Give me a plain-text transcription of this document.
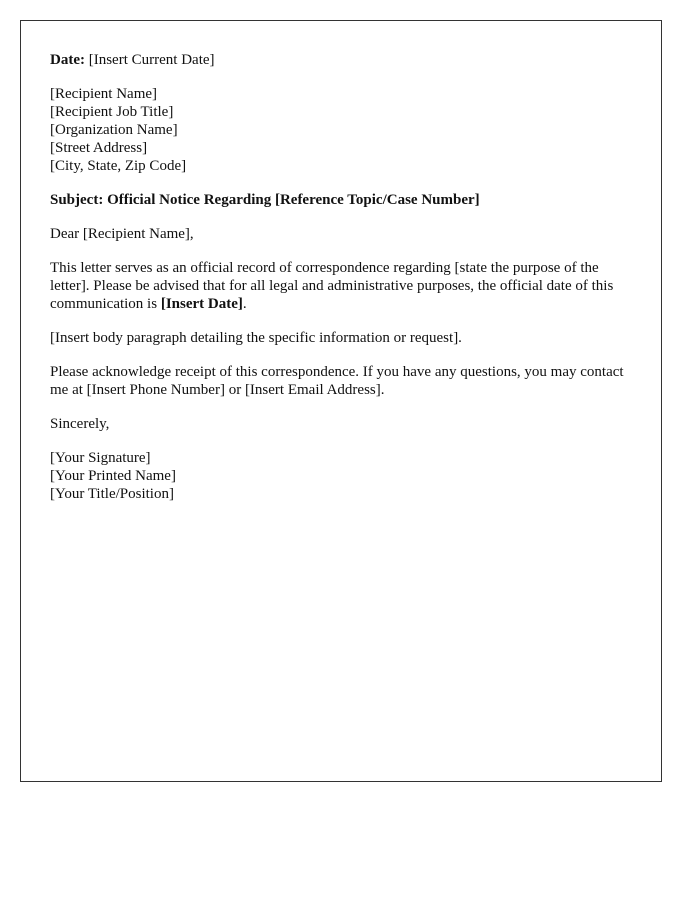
Date: [Insert Current Date]

[Recipient Name]
[Recipient Job Title]
[Organization Name]
[Street Address]
[City, State, Zip Code]

Subject: Official Notice Regarding [Reference Topic/Case Number]

Dear [Recipient Name],

This letter serves as an official record of correspondence regarding [state the purpose of the letter]. Please be advised that for all legal and administrative purposes, the official date of this communication is [Insert Date].

[Insert body paragraph detailing the specific information or request].

Please acknowledge receipt of this correspondence. If you have any questions, you may contact me at [Insert Phone Number] or [Insert Email Address].

Sincerely,

[Your Signature]
[Your Printed Name]
[Your Title/Position]
